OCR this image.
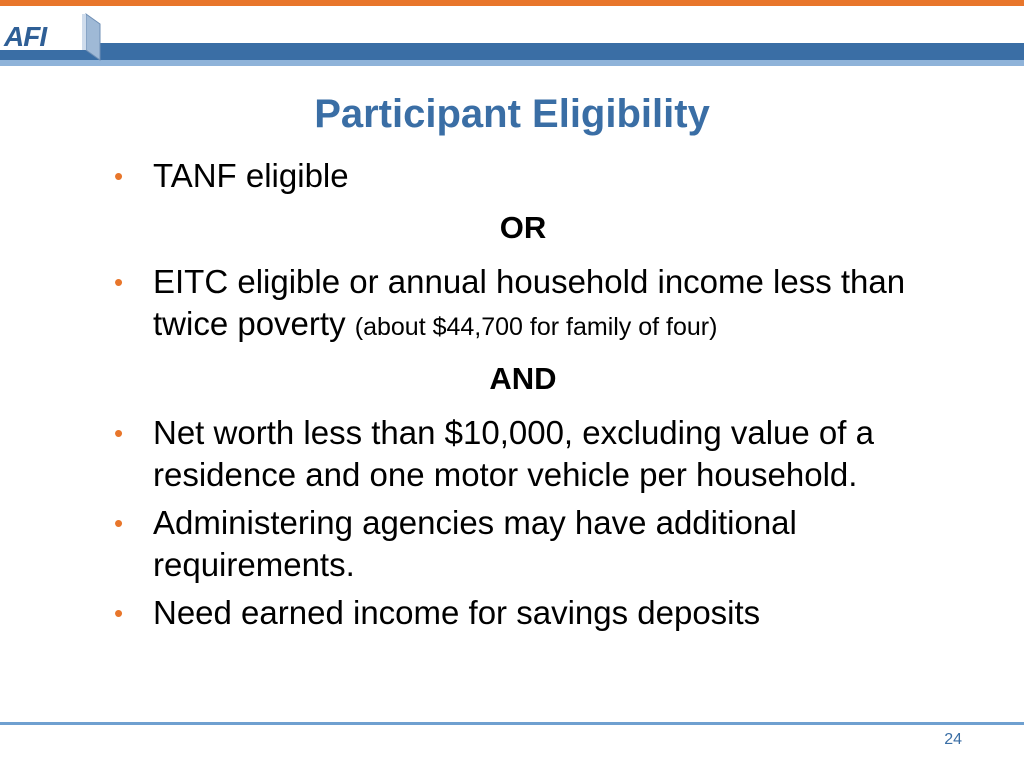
AFI
Participant Eligibility
• TANF eligible
OR
• EITC eligible or annual household income less than twice poverty (about $44,700 for family of four)
AND
• Net worth less than $10,000, excluding value of a residence and one motor vehicle per household.
• Administering agencies may have additional requirements.
• Need earned income for savings deposits
24
